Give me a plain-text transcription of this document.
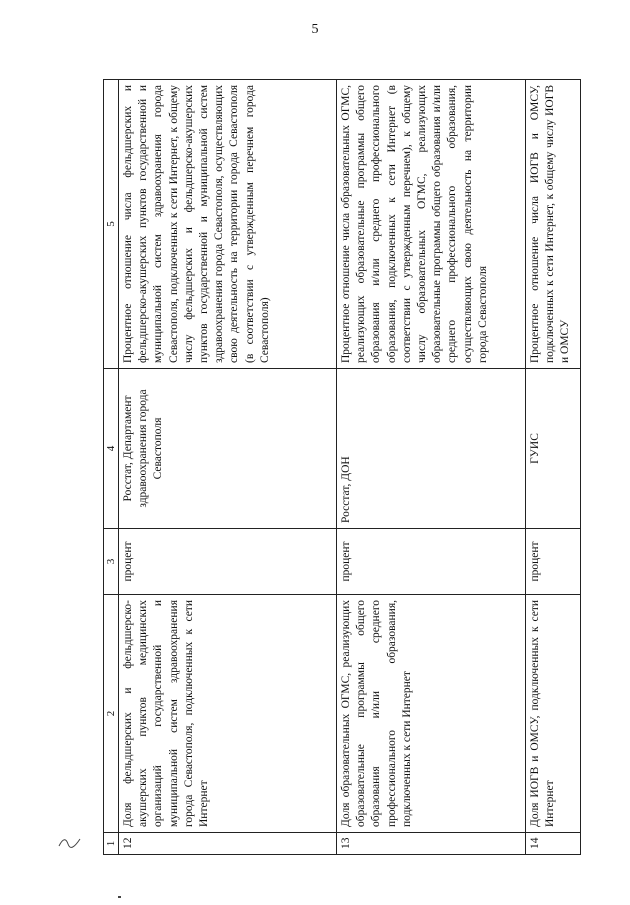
5
1	2	3	4	5
12	Доля фельдшерских и фельдшерско-акушерских пунктов медицинских организаций государственной и муниципальной систем здравоохранения города Севастополя, подключенных к сети Интернет	процент	Росстат, Департамент здравоохранения города Севастополя	Процентное отношение числа фельдшерских и фельдшерско-акушерских пунктов государственной и муниципальной систем здравоохранения города Севастополя, подключенных к сети Интернет, к общему числу фельдшерских и фельдшерско-акушерских пунктов государственной и муниципальной систем здравоохранения города Севастополя, осуществляющих свою деятельность на территории города Севастополя (в соответствии с утвержденным перечнем города Севастополя)
13	Доля образовательных ОГМС, реализующих образовательные программы общего образования и/или среднего профессионального образования, подключенных к сети Интернет	процент	Росстат, ДОН	Процентное отношение числа образовательных ОГМС, реализующих образовательные программы общего образования и/или среднего профессионального образования, подключенных к сети Интернет (в соответствии с утвержденным перечнем), к общему числу образовательных ОГМС, реализующих образовательные программы общего образования и/или среднего профессионального образования, осуществляющих свою деятельность на территории города Севастополя
14	Доля ИОГВ и ОМСУ, подключенных к сети Интернет	процент	ГУИС	Процентное отношение числа ИОГВ и ОМСУ, подключенных к сети Интернет, к общему числу ИОГВ и ОМСУ
